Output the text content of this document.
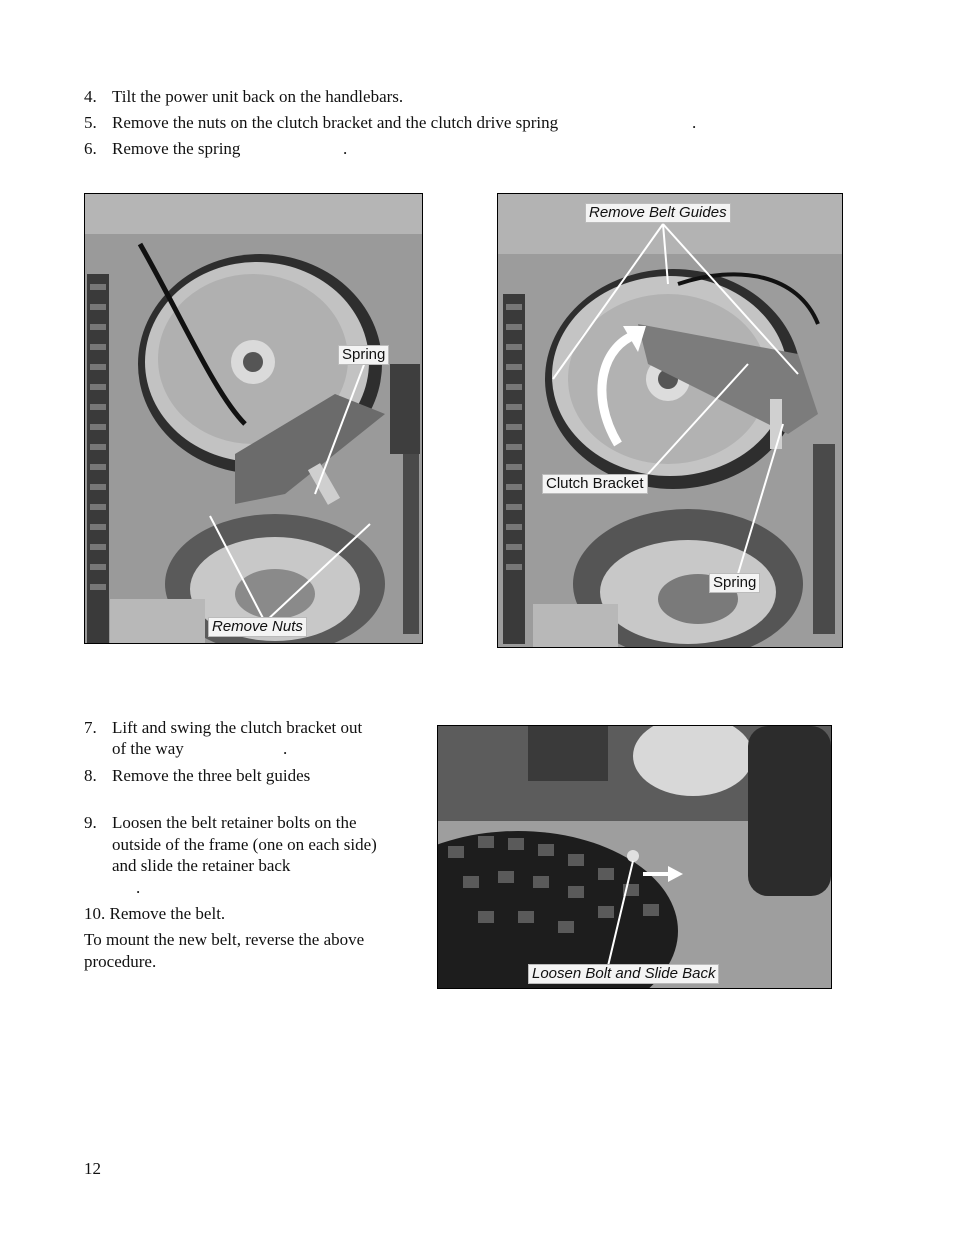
4. Tilt the power unit back on the handlebars.
5. Remove the nuts on the clutch bracket and the clutch drive spring	.
6. Remove the spring	.
Spring
Remove Nuts
Remove Belt Guides
Clutch Bracket
Spring
7. Lift and swing the clutch bracket out
of the way	.
8. Remove the three belt guides
9. Loosen the belt retainer bolts on the
outside of the frame (one on each side)
and slide the retainer back
.
10. Remove the belt.
To mount the new belt, reverse the above
procedure.
Loosen Bolt and Slide Back
12
